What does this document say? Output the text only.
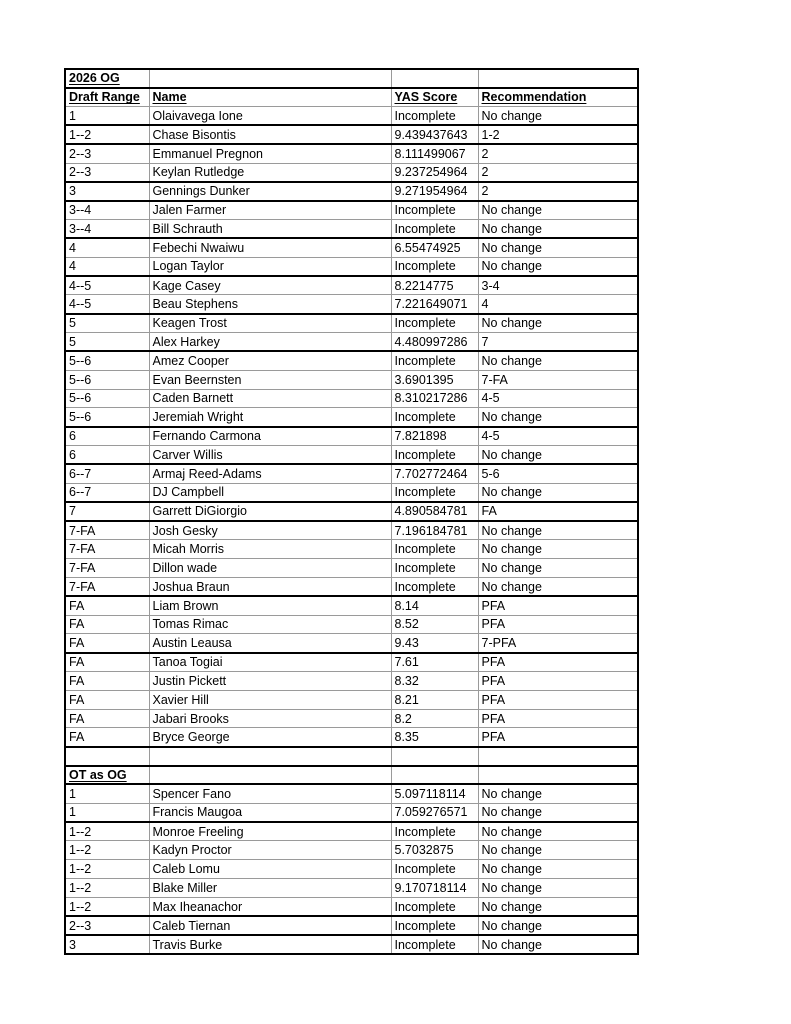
2026 OG			
Draft Range	Name	YAS Score	Recommendation
1	Olaivavega Ione	Incomplete	No change
1--2	Chase Bisontis	9.439437643	1-2
2--3	Emmanuel Pregnon	8.111499067	2
2--3	Keylan Rutledge	9.237254964	2
3	Gennings Dunker	9.271954964	2
3--4	Jalen Farmer	Incomplete	No change
3--4	Bill Schrauth	Incomplete	No change
4	Febechi Nwaiwu	6.55474925	No change
4	Logan Taylor	Incomplete	No change
4--5	Kage Casey	8.2214775	3-4
4--5	Beau Stephens	7.221649071	4
5	Keagen Trost	Incomplete	No change
5	Alex Harkey	4.480997286	7
5--6	Amez Cooper	Incomplete	No change
5--6	Evan Beernsten	3.6901395	7-FA
5--6	Caden Barnett	8.310217286	4-5
5--6	Jeremiah Wright	Incomplete	No change
6	Fernando Carmona	7.821898	4-5
6	Carver Willis	Incomplete	No change
6--7	Armaj Reed-Adams	7.702772464	5-6
6--7	DJ Campbell	Incomplete	No change
7	Garrett DiGiorgio	4.890584781	FA
7-FA	Josh Gesky	7.196184781	No change
7-FA	Micah Morris	Incomplete	No change
7-FA	Dillon wade	Incomplete	No change
7-FA	Joshua Braun	Incomplete	No change
FA	Liam Brown	8.14	PFA
FA	Tomas Rimac	8.52	PFA
FA	Austin Leausa	9.43	7-PFA
FA	Tanoa Togiai	7.61	PFA
FA	Justin Pickett	8.32	PFA
FA	Xavier Hill	8.21	PFA
FA	Jabari Brooks	8.2	PFA
FA	Bryce George	8.35	PFA

OT as OG			
1	Spencer Fano	5.097118114	No change
1	Francis Maugoa	7.059276571	No change
1--2	Monroe Freeling	Incomplete	No change
1--2	Kadyn Proctor	5.7032875	No change
1--2	Caleb Lomu	Incomplete	No change
1--2	Blake Miller	9.170718114	No change
1--2	Max Iheanachor	Incomplete	No change
2--3	Caleb Tiernan	Incomplete	No change
3	Travis Burke	Incomplete	No change
